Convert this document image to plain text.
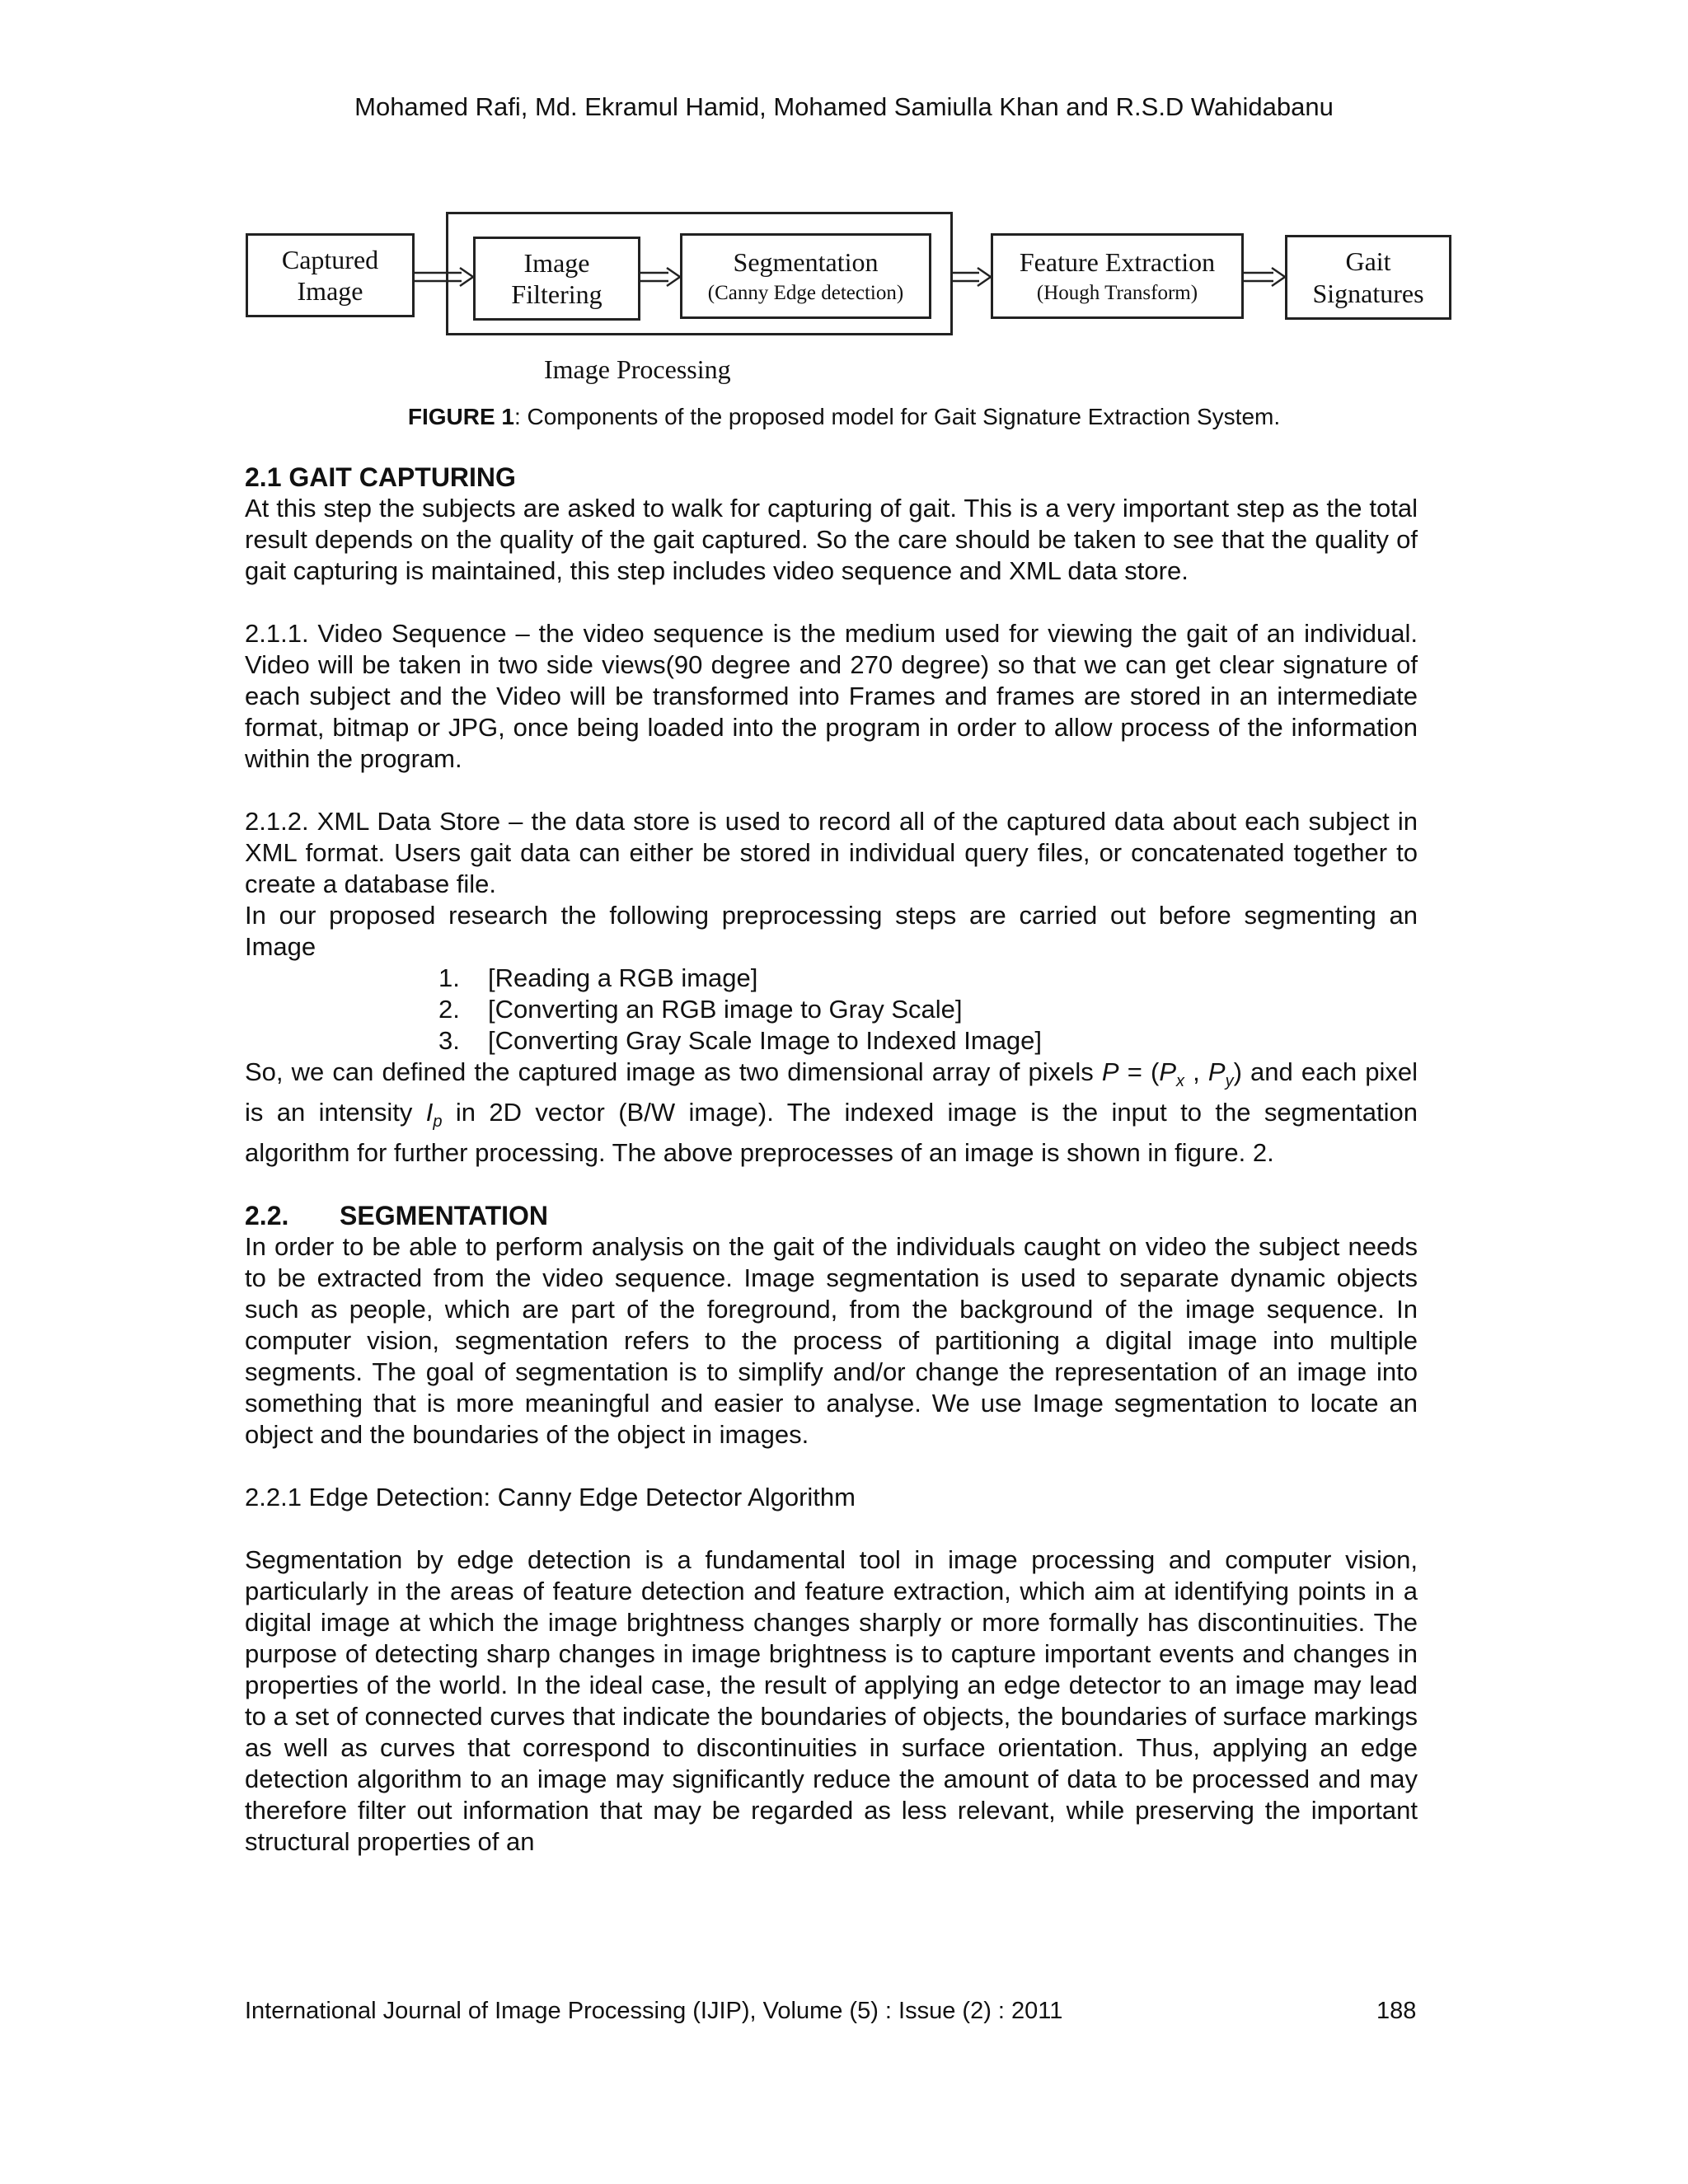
Mohamed Rafi, Md. Ekramul Hamid, Mohamed Samiulla Khan and R.S.D Wahidabanu
Captured
Image
Image
Filtering
Segmentation
(Canny Edge detection)
Feature Extraction
(Hough Transform)
Gait
Signatures
Image Processing
FIGURE 1: Components of the proposed model for Gait Signature Extraction System.
2.1 GAIT CAPTURING

At this step the subjects are asked to walk for capturing of gait. This is a very important step as the total result depends on the quality of the gait captured. So the care should be taken to see that the quality of gait capturing is maintained, this step includes video sequence and XML data store.

2.1.1. Video Sequence – the video sequence is the medium used for viewing the gait of an individual. Video will be taken in two side views(90 degree and 270 degree) so that we can get clear signature of each subject and the Video will be transformed into Frames and frames are stored in an intermediate format, bitmap or JPG, once being loaded into the program in order to allow process of the information within the program.

2.1.2. XML Data Store – the data store is used to record all of the captured data about each subject in XML format. Users gait data can either be stored in individual query files, or concatenated together to create a database file.

In our proposed research the following preprocessing steps are carried out before segmenting an Image

1. [Reading a RGB image]
2. [Converting an RGB image to Gray Scale]
3. [Converting Gray Scale Image to Indexed Image]

So, we can defined the captured image as two dimensional array of pixels $P = (P_x$ , $P_y$) and each pixel is an intensity $I_p$ in 2D vector (B/W image). The indexed image is the input to the segmentation algorithm for further processing. The above preprocesses of an image is shown in figure. 2.

2.2. SEGMENTATION

In order to be able to perform analysis on the gait of the individuals caught on video the subject needs to be extracted from the video sequence. Image segmentation is used to separate dynamic objects such as people, which are part of the foreground, from the background of the image sequence. In computer vision, segmentation refers to the process of partitioning a digital image into multiple segments. The goal of segmentation is to simplify and/or change the representation of an image into something that is more meaningful and easier to analyse. We use Image segmentation to locate an object and the boundaries of the object in images.

2.2.1 Edge Detection: Canny Edge Detector Algorithm

Segmentation by edge detection is a fundamental tool in image processing and computer vision, particularly in the areas of feature detection and feature extraction, which aim at identifying points in a digital image at which the image brightness changes sharply or more formally has discontinuities. The purpose of detecting sharp changes in image brightness is to capture important events and changes in properties of the world. In the ideal case, the result of applying an edge detector to an image may lead to a set of connected curves that indicate the boundaries of objects, the boundaries of surface markings as well as curves that correspond to discontinuities in surface orientation. Thus, applying an edge detection algorithm to an image may significantly reduce the amount of data to be processed and may therefore filter out information that may be regarded as less relevant, while preserving the important structural properties of an

International Journal of Image Processing (IJIP), Volume (5) : Issue (2) : 2011	188
